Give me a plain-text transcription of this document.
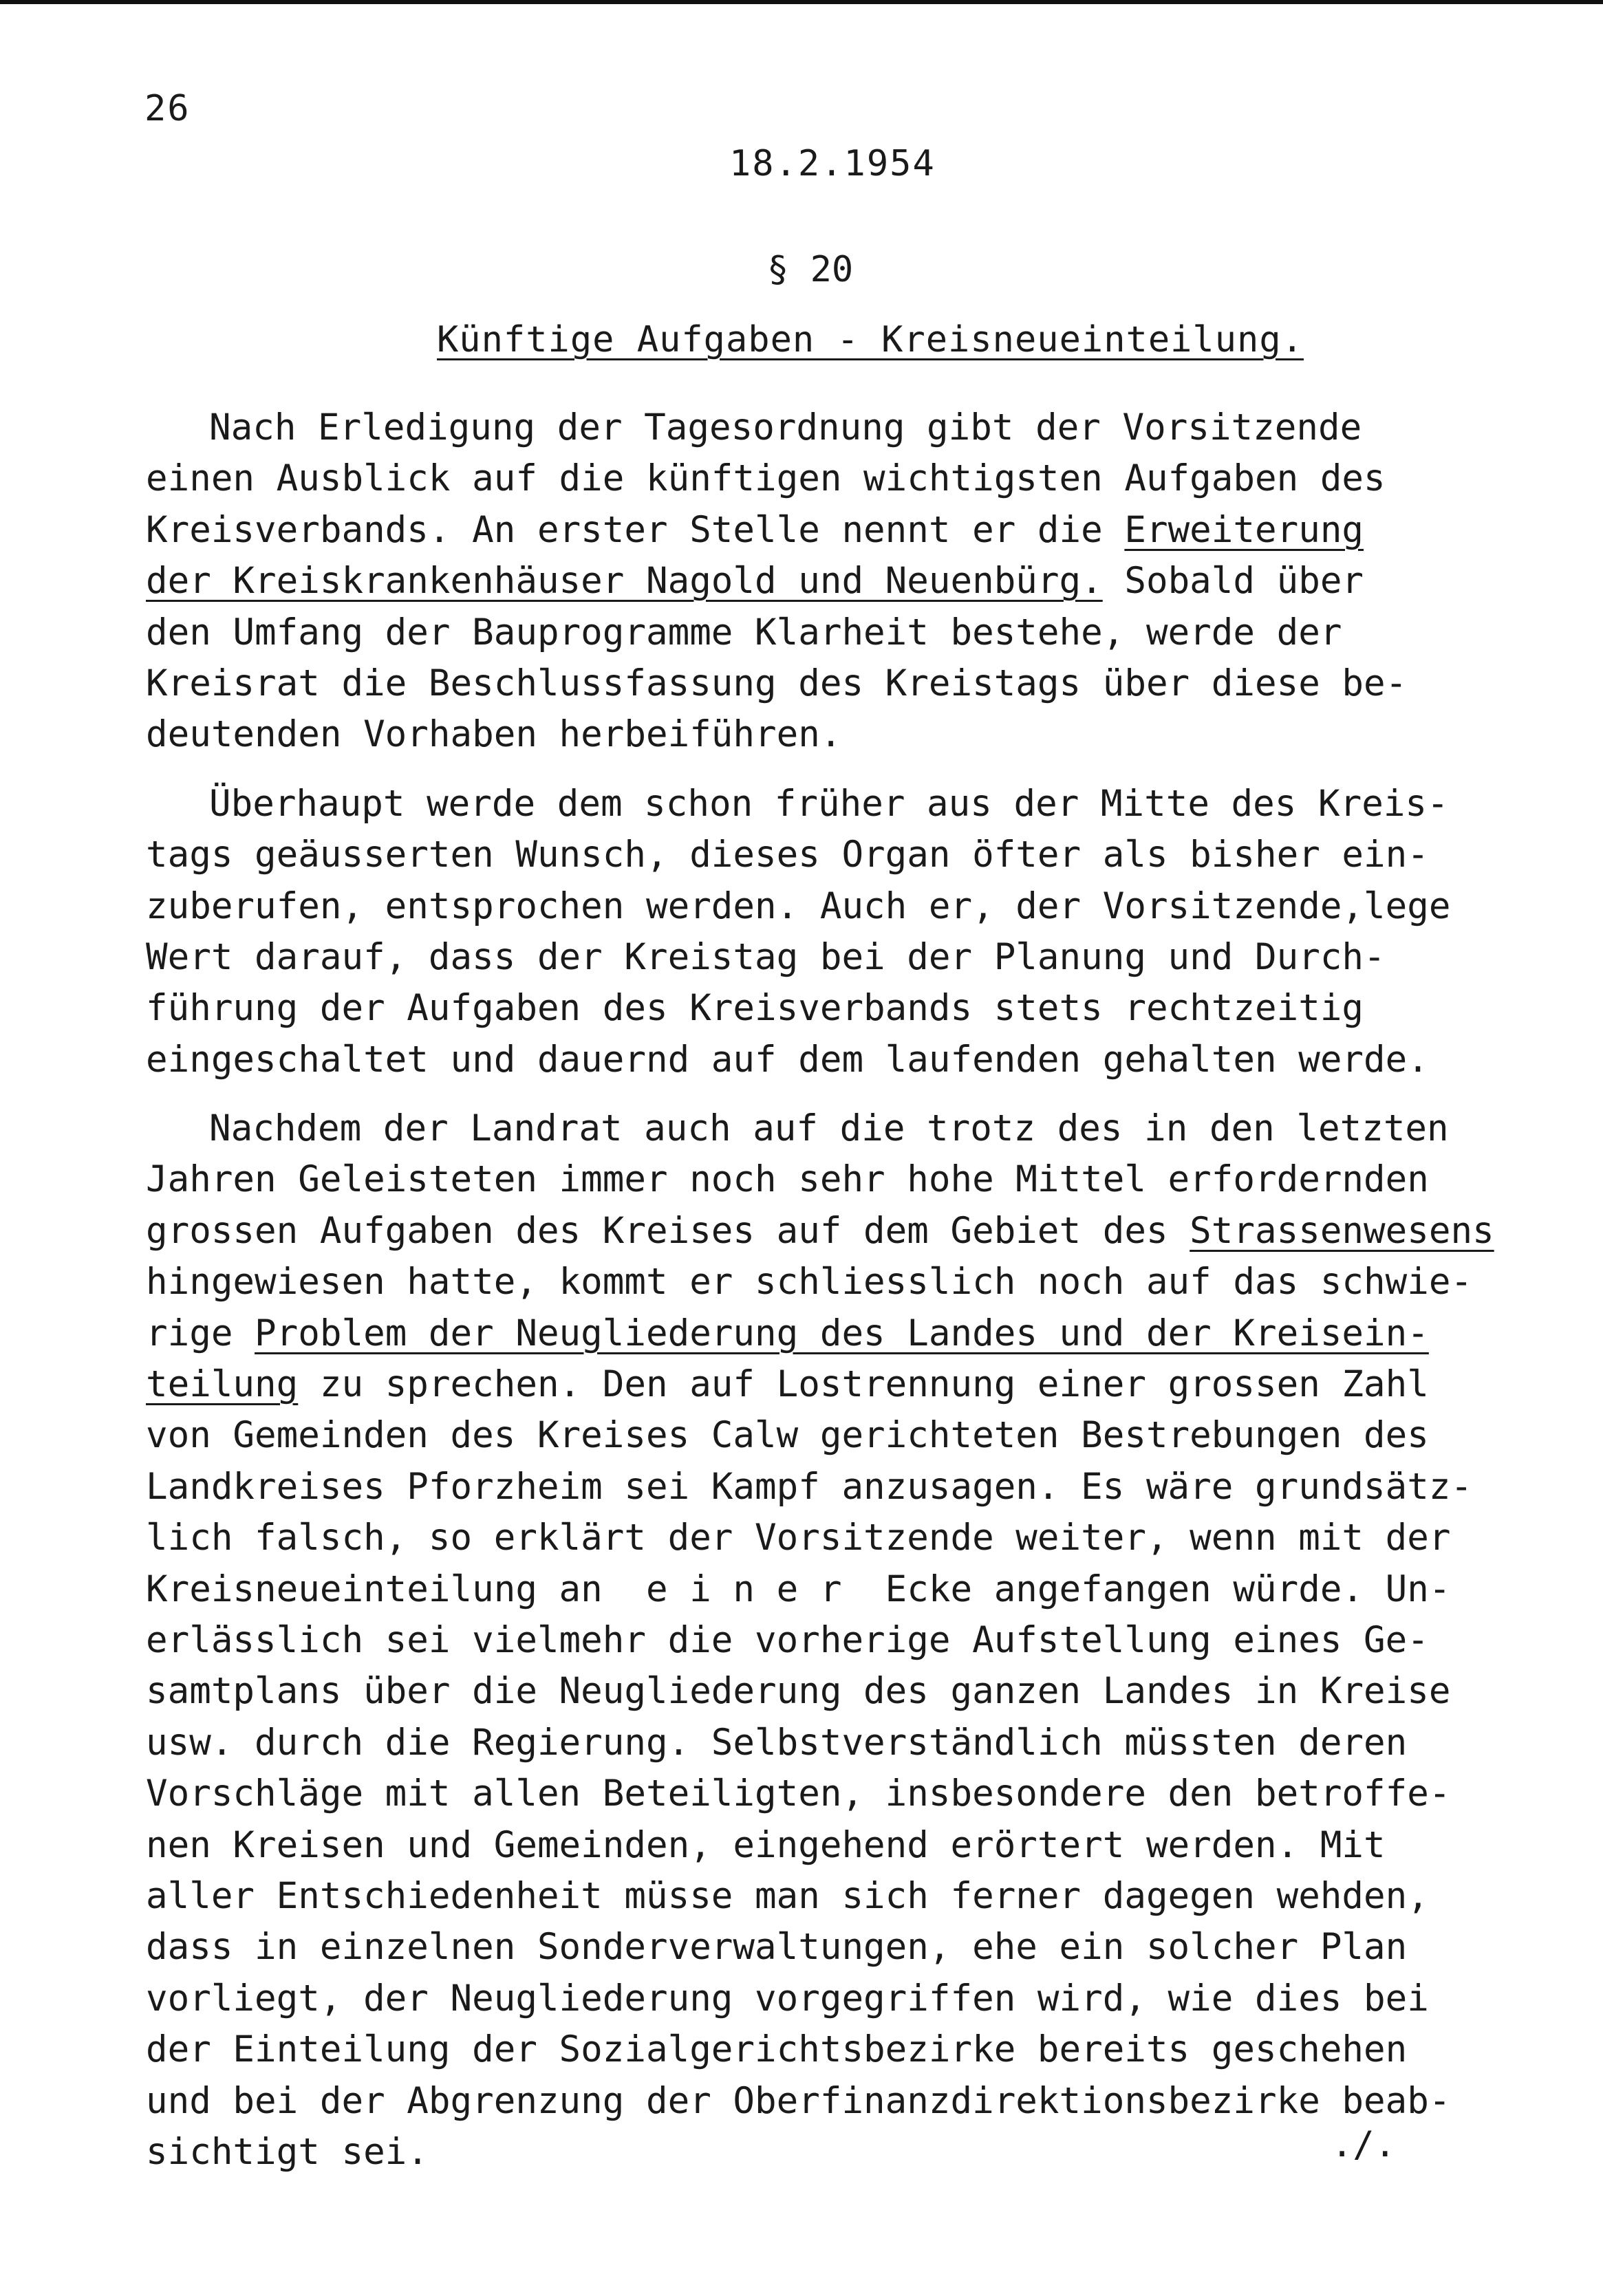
26
18.2.1954
§ 20
Künftige Aufgaben - Kreisneueinteilung.
Nach Erledigung der Tagesordnung gibt der Vorsitzende
einen Ausblick auf die künftigen wichtigsten Aufgaben des
Kreisverbands. An erster Stelle nennt er die Erweiterung
der Kreiskrankenhäuser Nagold und Neuenbürg. Sobald über
den Umfang der Bauprogramme Klarheit bestehe, werde der
Kreisrat die Beschlussfassung des Kreistags über diese be-
deutenden Vorhaben herbeiführen.
Überhaupt werde dem schon früher aus der Mitte des Kreis-
tags geäusserten Wunsch, dieses Organ öfter als bisher ein-
zuberufen, entsprochen werden. Auch er, der Vorsitzende,lege
Wert darauf, dass der Kreistag bei der Planung und Durch-
führung der Aufgaben des Kreisverbands stets rechtzeitig
eingeschaltet und dauernd auf dem laufenden gehalten werde.
Nachdem der Landrat auch auf die trotz des in den letzten
Jahren Geleisteten immer noch sehr hohe Mittel erfordernden
grossen Aufgaben des Kreises auf dem Gebiet des Strassenwesens
hingewiesen hatte, kommt er schliesslich noch auf das schwie-
rige Problem der Neugliederung des Landes und der Kreisein-
teilung zu sprechen. Den auf Lostrennung einer grossen Zahl
von Gemeinden des Kreises Calw gerichteten Bestrebungen des
Landkreises Pforzheim sei Kampf anzusagen. Es wäre grundsätz-
lich falsch, so erklärt der Vorsitzende weiter, wenn mit der
Kreisneueinteilung an  e i n e r  Ecke angefangen würde. Un-
erlässlich sei vielmehr die vorherige Aufstellung eines Ge-
samtplans über die Neugliederung des ganzen Landes in Kreise
usw. durch die Regierung. Selbstverständlich müssten deren
Vorschläge mit allen Beteiligten, insbesondere den betroffe-
nen Kreisen und Gemeinden, eingehend erörtert werden. Mit
aller Entschiedenheit müsse man sich ferner dagegen wehden,
dass in einzelnen Sonderverwaltungen, ehe ein solcher Plan
vorliegt, der Neugliederung vorgegriffen wird, wie dies bei
der Einteilung der Sozialgerichtsbezirke bereits geschehen
und bei der Abgrenzung der Oberfinanzdirektionsbezirke beab-
sichtigt sei.	./.
